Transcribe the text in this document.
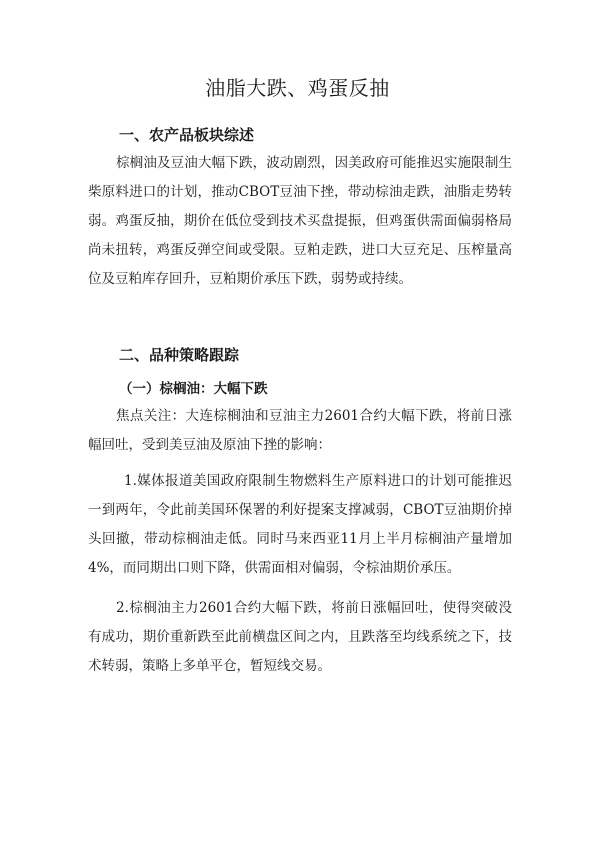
油脂大跌、鸡蛋反抽
一、农产品板块综述

棕榈油及豆油大幅下跌，波动剧烈，因美政府可能推迟实施限制生柴原料进口的计划，推动CBOT豆油下挫，带动棕油走跌，油脂走势转弱。鸡蛋反抽，期价在低位受到技术买盘提振，但鸡蛋供需面偏弱格局尚未扭转，鸡蛋反弹空间或受限。豆粕走跌，进口大豆充足、压榨量高位及豆粕库存回升，豆粕期价承压下跌，弱势或持续。

二、品种策略跟踪
（一）棕榈油：大幅下跌

焦点关注：大连棕榈油和豆油主力2601合约大幅下跌，将前日涨幅回吐，受到美豆油及原油下挫的影响：

1.媒体报道美国政府限制生物燃料生产原料进口的计划可能推迟一到两年，令此前美国环保署的利好提案支撑减弱，CBOT豆油期价掉头回撤，带动棕榈油走低。同时马来西亚11月上半月棕榈油产量增加4%，而同期出口则下降，供需面相对偏弱，令棕油期价承压。

2.棕榈油主力2601合约大幅下跌，将前日涨幅回吐，使得突破没有成功，期价重新跌至此前横盘区间之内，且跌落至均线系统之下，技术转弱，策略上多单平仓，暂短线交易。
